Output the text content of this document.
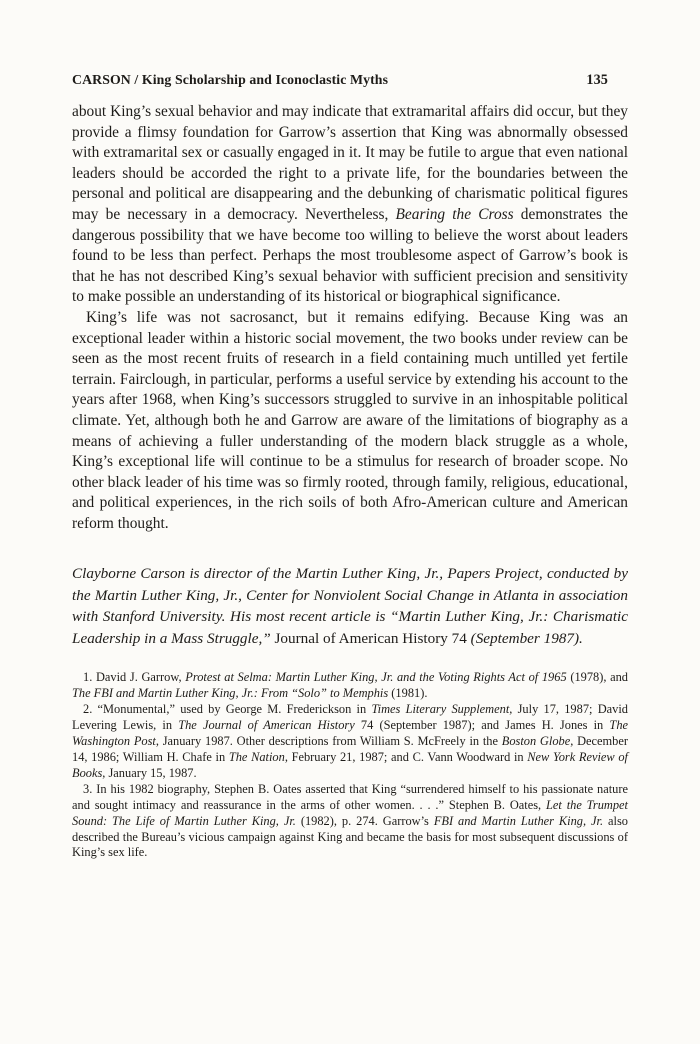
CARSON / King Scholarship and Iconoclastic Myths	135

about King’s sexual behavior and may indicate that extramarital affairs did occur, but they provide a flimsy foundation for Garrow’s assertion that King was abnormally obsessed with extramarital sex or casually engaged in it. It may be futile to argue that even national leaders should be accorded the right to a private life, for the boundaries between the personal and political are disappearing and the debunking of charismatic political figures may be necessary in a democracy. Nevertheless, Bearing the Cross demonstrates the dangerous possibility that we have become too willing to believe the worst about leaders found to be less than perfect. Perhaps the most troublesome aspect of Garrow’s book is that he has not described King’s sexual behavior with sufficient precision and sensitivity to make possible an understanding of its historical or biographical significance.

King’s life was not sacrosanct, but it remains edifying. Because King was an exceptional leader within a historic social movement, the two books under review can be seen as the most recent fruits of research in a field containing much untilled yet fertile terrain. Fairclough, in particular, performs a useful service by extending his account to the years after 1968, when King’s successors struggled to survive in an inhospitable political climate. Yet, although both he and Garrow are aware of the limitations of biography as a means of achieving a fuller understanding of the modern black struggle as a whole, King’s exceptional life will continue to be a stimulus for research of broader scope. No other black leader of his time was so firmly rooted, through family, religious, educational, and political experiences, in the rich soils of both Afro-American culture and American reform thought.

Clayborne Carson is director of the Martin Luther King, Jr., Papers Project, conducted by the Martin Luther King, Jr., Center for Nonviolent Social Change in Atlanta in association with Stanford University. His most recent article is “Martin Luther King, Jr.: Charismatic Leadership in a Mass Struggle,” Journal of American History 74 (September 1987).

1. David J. Garrow, Protest at Selma: Martin Luther King, Jr. and the Voting Rights Act of 1965 (1978), and The FBI and Martin Luther King, Jr.: From “Solo” to Memphis (1981).

2. “Monumental,” used by George M. Frederickson in Times Literary Supplement, July 17, 1987; David Levering Lewis, in The Journal of American History 74 (September 1987); and James H. Jones in The Washington Post, January 1987. Other descriptions from William S. McFreely in the Boston Globe, December 14, 1986; William H. Chafe in The Nation, February 21, 1987; and C. Vann Woodward in New York Review of Books, January 15, 1987.

3. In his 1982 biography, Stephen B. Oates asserted that King “surrendered himself to his passionate nature and sought intimacy and reassurance in the arms of other women. . . .” Stephen B. Oates, Let the Trumpet Sound: The Life of Martin Luther King, Jr. (1982), p. 274. Garrow’s FBI and Martin Luther King, Jr. also described the Bureau’s vicious campaign against King and became the basis for most subsequent discussions of King’s sex life.
